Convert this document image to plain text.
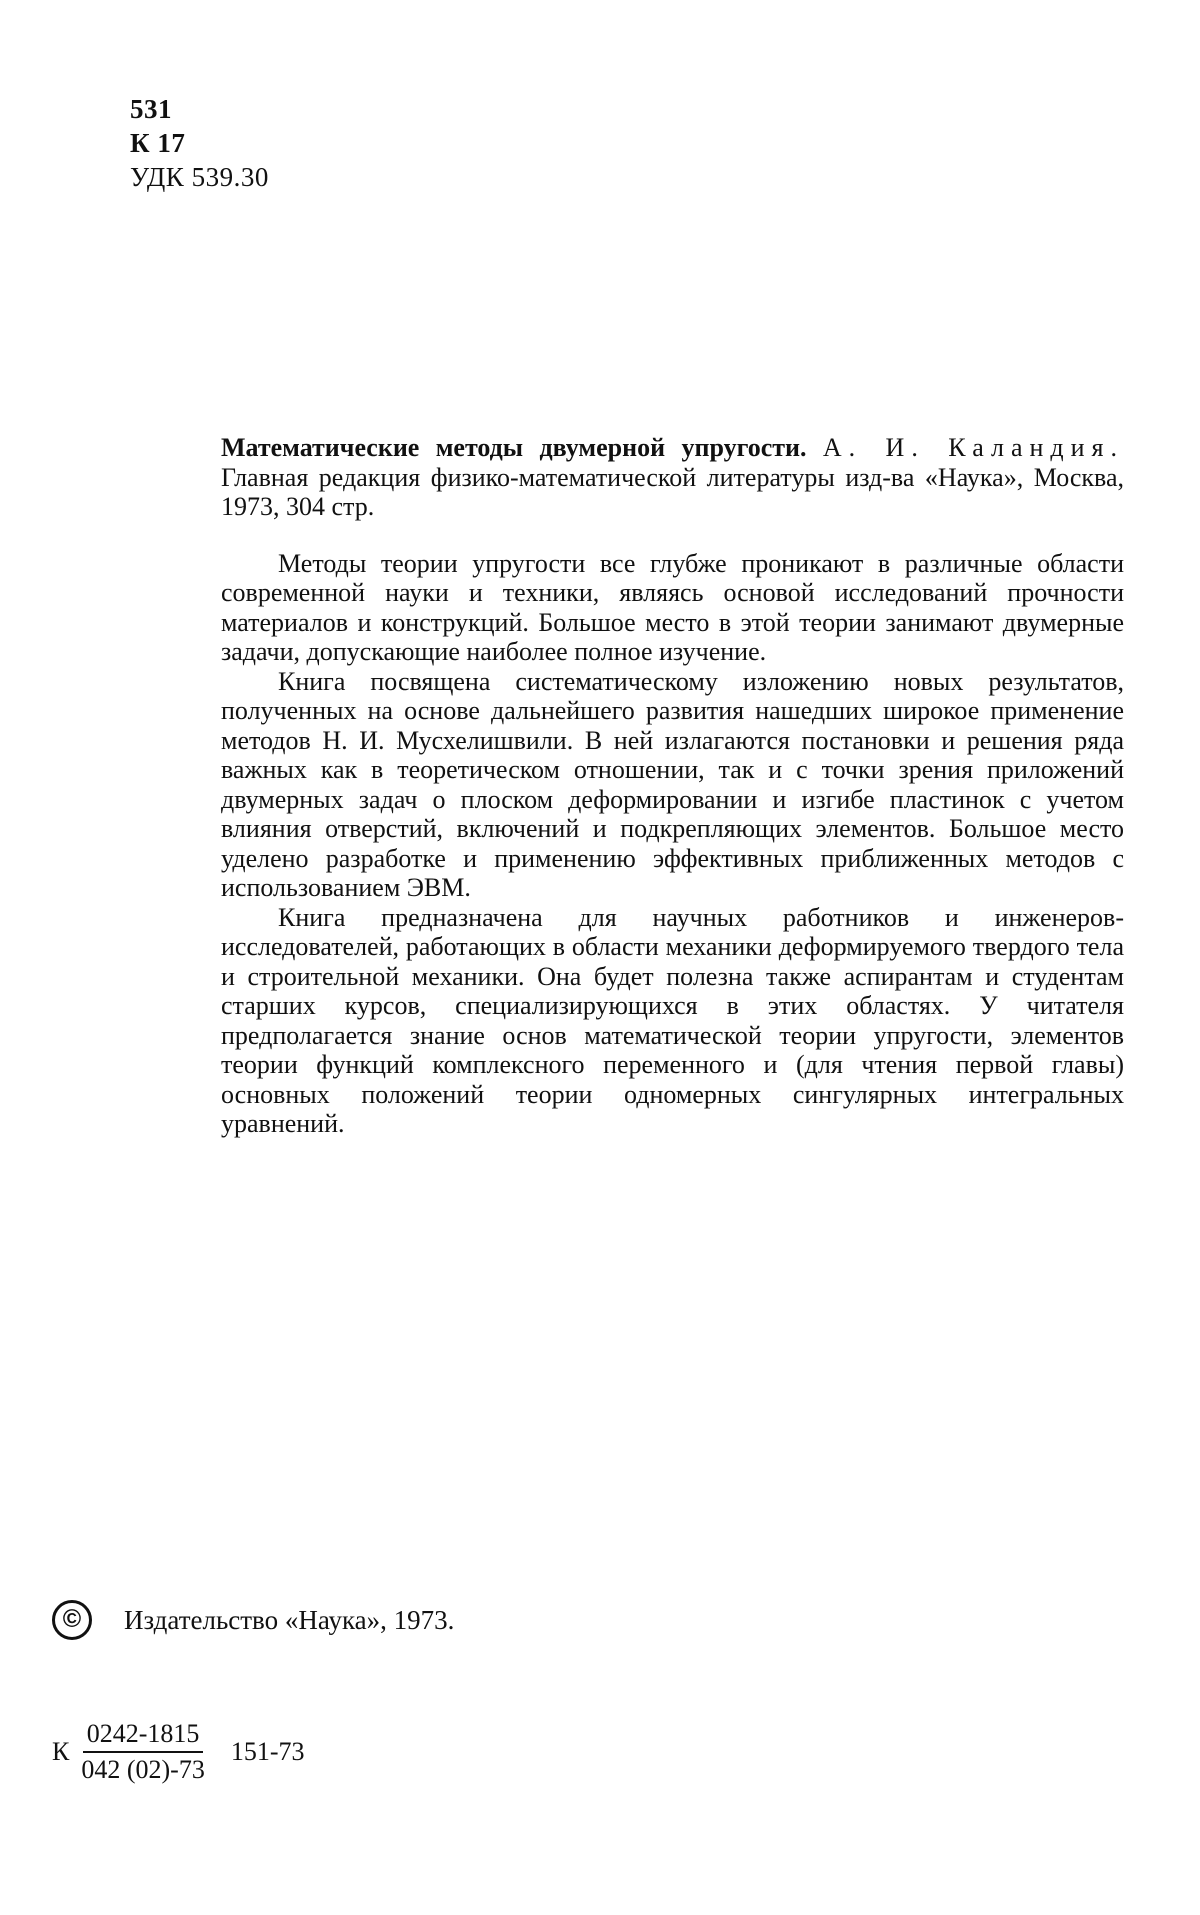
531
К 17
УДК 539.30

Математические методы двумерной упругости. А. И. Каландия. Главная редакция физико-математической литературы изд-ва «Наука», Москва, 1973, 304 стр.

Методы теории упругости все глубже проникают в различные области современной науки и техники, являясь основой исследований прочности материалов и конструкций. Большое место в этой теории занимают двумерные задачи, допускающие наиболее полное изучение.

Книга посвящена систематическому изложению новых результатов, полученных на основе дальнейшего развития нашедших широкое применение методов Н. И. Мусхелишвили. В ней излагаются постановки и решения ряда важных как в теоретическом отношении, так и с точки зрения приложений двумерных задач о плоском деформировании и изгибе пластинок с учетом влияния отверстий, включений и подкрепляющих элементов. Большое место уделено разработке и применению эффективных приближенных методов с использованием ЭВМ.

Книга предназначена для научных работников и инженеров-исследователей, работающих в области механики деформируемого твердого тела и строительной механики. Она будет полезна также аспирантам и студентам старших курсов, специализирующихся в этих областях. У читателя предполагается знание основ математической теории упругости, элементов теории функций комплексного переменного и (для чтения первой главы) основных положений теории одномерных сингулярных интегральных уравнений.

©	Издательство «Наука», 1973.
К $\frac{0242-1815}{042 (02)-73} 151-73$
